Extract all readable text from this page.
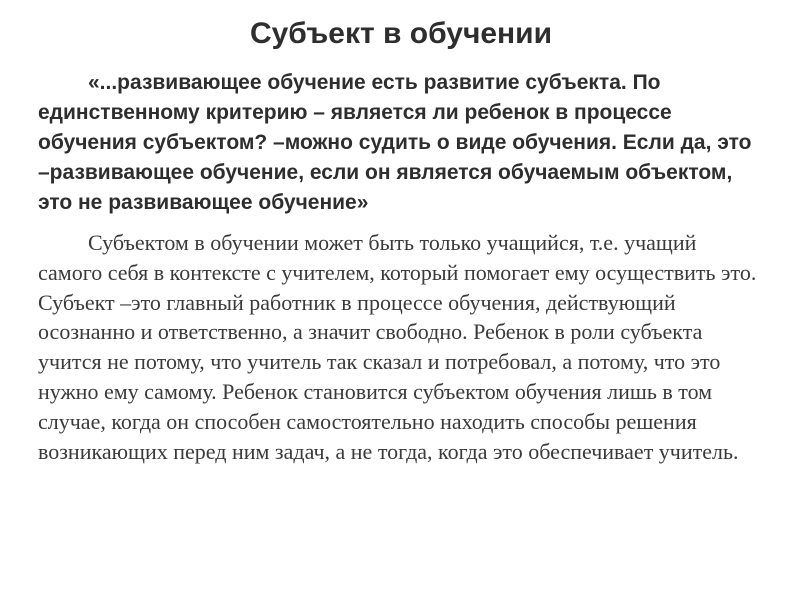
Субъект в обучении

«...развивающее обучение есть развитие субъекта. По единственному критерию – является ли ребенок в процессе обучения субъектом? –можно судить о виде обучения. Если да, это –развивающее обучение, если он является обучаемым объектом, это не развивающее обучение»

Субъектом в обучении может быть только учащийся, т.е. учащий самого себя в контексте с учителем, который помогает ему осуществить это. Субъект –это главный работник в процессе обучения, действующий осознанно и ответственно, а значит свободно. Ребенок в роли субъекта учится не потому, что учитель так сказал и потребовал, а потому, что это нужно ему самому. Ребенок становится субъектом обучения лишь в том случае, когда он способен самостоятельно находить способы решения возникающих перед ним задач, а не тогда, когда это обеспечивает учитель.
